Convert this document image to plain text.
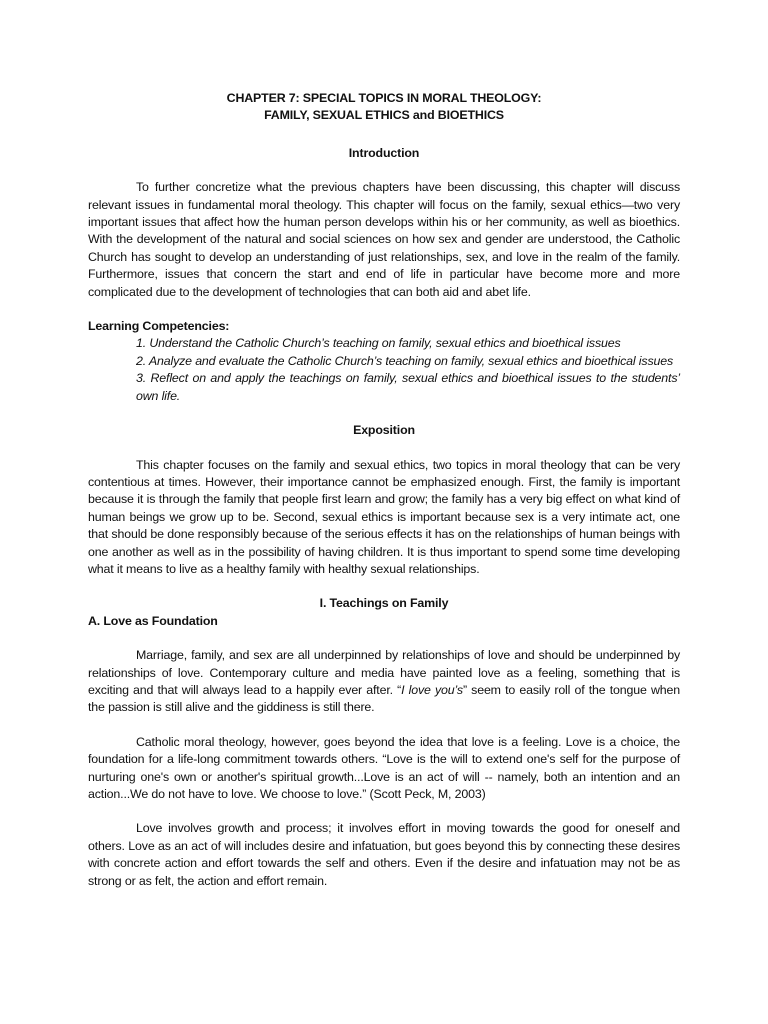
CHAPTER 7: SPECIAL TOPICS IN MORAL THEOLOGY:
FAMILY, SEXUAL ETHICS and BIOETHICS
Introduction

To further concretize what the previous chapters have been discussing, this chapter will discuss relevant issues in fundamental moral theology. This chapter will focus on the family, sexual ethics—two very important issues that affect how the human person develops within his or her community, as well as bioethics. With the development of the natural and social sciences on how sex and gender are understood, the Catholic Church has sought to develop an understanding of just relationships, sex, and love in the realm of the family. Furthermore, issues that concern the start and end of life in particular have become more and more complicated due to the development of technologies that can both aid and abet life.

Learning Competencies:

1. Understand the Catholic Church’s teaching on family, sexual ethics and bioethical issues
2. Analyze and evaluate the Catholic Church’s teaching on family, sexual ethics and bioethical issues
3. Reflect on and apply the teachings on family, sexual ethics and bioethical issues to the students’ own life.
Exposition

This chapter focuses on the family and sexual ethics, two topics in moral theology that can be very contentious at times. However, their importance cannot be emphasized enough. First, the family is important because it is through the family that people first learn and grow; the family has a very big effect on what kind of human beings we grow up to be. Second, sexual ethics is important because sex is a very intimate act, one that should be done responsibly because of the serious effects it has on the relationships of human beings with one another as well as in the possibility of having children. It is thus important to spend some time developing what it means to live as a healthy family with healthy sexual relationships.

I. Teachings on Family

A. Love as Foundation

Marriage, family, and sex are all underpinned by relationships of love and should be underpinned by relationships of love. Contemporary culture and media have painted love as a feeling, something that is exciting and that will always lead to a happily ever after. “I love you’s” seem to easily roll of the tongue when the passion is still alive and the giddiness is still there.

Catholic moral theology, however, goes beyond the idea that love is a feeling. Love is a choice, the foundation for a life-long commitment towards others. “Love is the will to extend one's self for the purpose of nurturing one's own or another's spiritual growth...Love is an act of will -- namely, both an intention and an action...We do not have to love. We choose to love.” (Scott Peck, M, 2003)

Love involves growth and process; it involves effort in moving towards the good for oneself and others. Love as an act of will includes desire and infatuation, but goes beyond this by connecting these desires with concrete action and effort towards the self and others. Even if the desire and infatuation may not be as strong or as felt, the action and effort remain.
